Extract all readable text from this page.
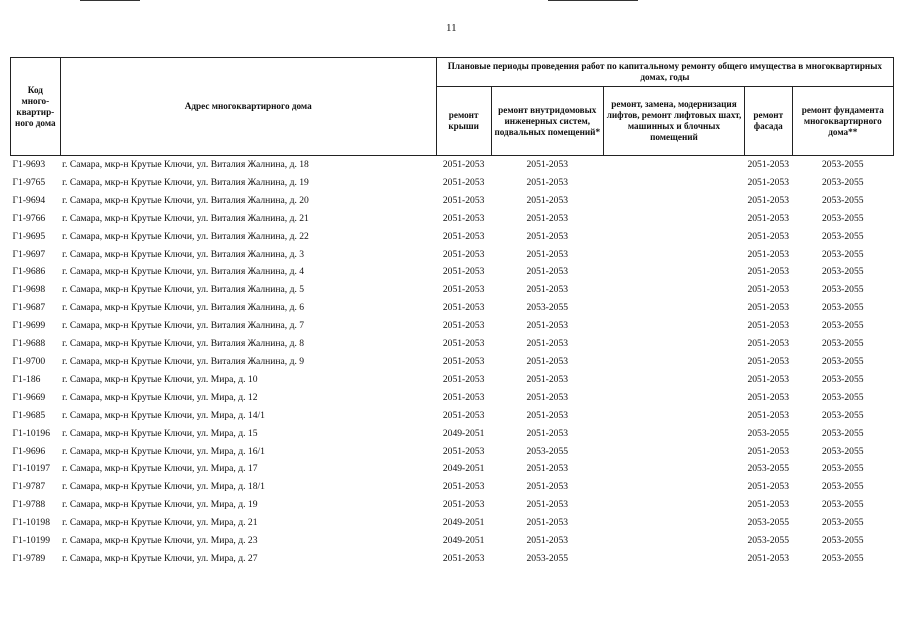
11
Код много-квартир-ного дома	Адрес многоквартирного дома	Плановые периоды проведения работ по капитальному ремонту общего имущества в многоквартирных домах, годы				
		ремонт крыши	ремонт внутридомовых инженерных систем, подвальных помещений*	ремонт, замена, модернизация лифтов, ремонт лифтовых шахт, машинных и блочных помещений	ремонт фасада	ремонт фундамента многоквартирного дома**
Г1-9693	г. Самара, мкр-н Крутые Ключи, ул. Виталия Жалнина, д. 18	2051-2053	2051-2053		2051-2053	2053-2055
Г1-9765	г. Самара, мкр-н Крутые Ключи, ул. Виталия Жалнина, д. 19	2051-2053	2051-2053		2051-2053	2053-2055
Г1-9694	г. Самара, мкр-н Крутые Ключи, ул. Виталия Жалнина, д. 20	2051-2053	2051-2053		2051-2053	2053-2055
Г1-9766	г. Самара, мкр-н Крутые Ключи, ул. Виталия Жалнина, д. 21	2051-2053	2051-2053		2051-2053	2053-2055
Г1-9695	г. Самара, мкр-н Крутые Ключи, ул. Виталия Жалнина, д. 22	2051-2053	2051-2053		2051-2053	2053-2055
Г1-9697	г. Самара, мкр-н Крутые Ключи, ул. Виталия Жалнина, д. 3	2051-2053	2051-2053		2051-2053	2053-2055
Г1-9686	г. Самара, мкр-н Крутые Ключи, ул. Виталия Жалнина, д. 4	2051-2053	2051-2053		2051-2053	2053-2055
Г1-9698	г. Самара, мкр-н Крутые Ключи, ул. Виталия Жалнина, д. 5	2051-2053	2051-2053		2051-2053	2053-2055
Г1-9687	г. Самара, мкр-н Крутые Ключи, ул. Виталия Жалнина, д. 6	2051-2053	2053-2055		2051-2053	2053-2055
Г1-9699	г. Самара, мкр-н Крутые Ключи, ул. Виталия Жалнина, д. 7	2051-2053	2051-2053		2051-2053	2053-2055
Г1-9688	г. Самара, мкр-н Крутые Ключи, ул. Виталия Жалнина, д. 8	2051-2053	2051-2053		2051-2053	2053-2055
Г1-9700	г. Самара, мкр-н Крутые Ключи, ул. Виталия Жалнина, д. 9	2051-2053	2051-2053		2051-2053	2053-2055
Г1-186	г. Самара, мкр-н Крутые Ключи, ул. Мира, д. 10	2051-2053	2051-2053		2051-2053	2053-2055
Г1-9669	г. Самара, мкр-н Крутые Ключи, ул. Мира, д. 12	2051-2053	2051-2053		2051-2053	2053-2055
Г1-9685	г. Самара, мкр-н Крутые Ключи, ул. Мира, д. 14/1	2051-2053	2051-2053		2051-2053	2053-2055
Г1-10196	г. Самара, мкр-н Крутые Ключи, ул. Мира, д. 15	2049-2051	2051-2053		2053-2055	2053-2055
Г1-9696	г. Самара, мкр-н Крутые Ключи, ул. Мира, д. 16/1	2051-2053	2053-2055		2051-2053	2053-2055
Г1-10197	г. Самара, мкр-н Крутые Ключи, ул. Мира, д. 17	2049-2051	2051-2053		2053-2055	2053-2055
Г1-9787	г. Самара, мкр-н Крутые Ключи, ул. Мира, д. 18/1	2051-2053	2051-2053		2051-2053	2053-2055
Г1-9788	г. Самара, мкр-н Крутые Ключи, ул. Мира, д. 19	2051-2053	2051-2053		2051-2053	2053-2055
Г1-10198	г. Самара, мкр-н Крутые Ключи, ул. Мира, д. 21	2049-2051	2051-2053		2053-2055	2053-2055
Г1-10199	г. Самара, мкр-н Крутые Ключи, ул. Мира, д. 23	2049-2051	2051-2053		2053-2055	2053-2055
Г1-9789	г. Самара, мкр-н Крутые Ключи, ул. Мира, д. 27	2051-2053	2053-2055		2051-2053	2053-2055
